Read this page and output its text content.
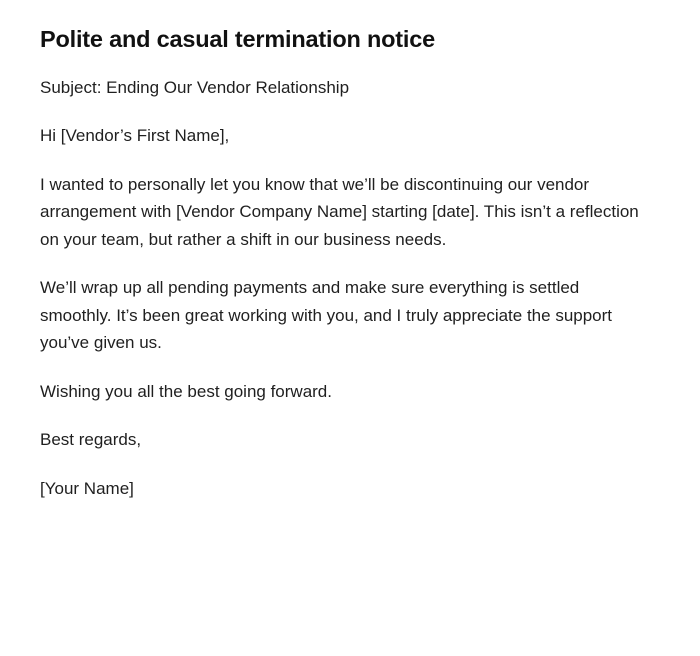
Polite and casual termination notice

Subject: Ending Our Vendor Relationship

Hi [Vendor’s First Name],

I wanted to personally let you know that we’ll be discontinuing our vendor arrangement with [Vendor Company Name] starting [date]. This isn’t a reflection on your team, but rather a shift in our business needs.

We’ll wrap up all pending payments and make sure everything is settled smoothly. It’s been great working with you, and I truly appreciate the support you’ve given us.

Wishing you all the best going forward.

Best regards,

[Your Name]
